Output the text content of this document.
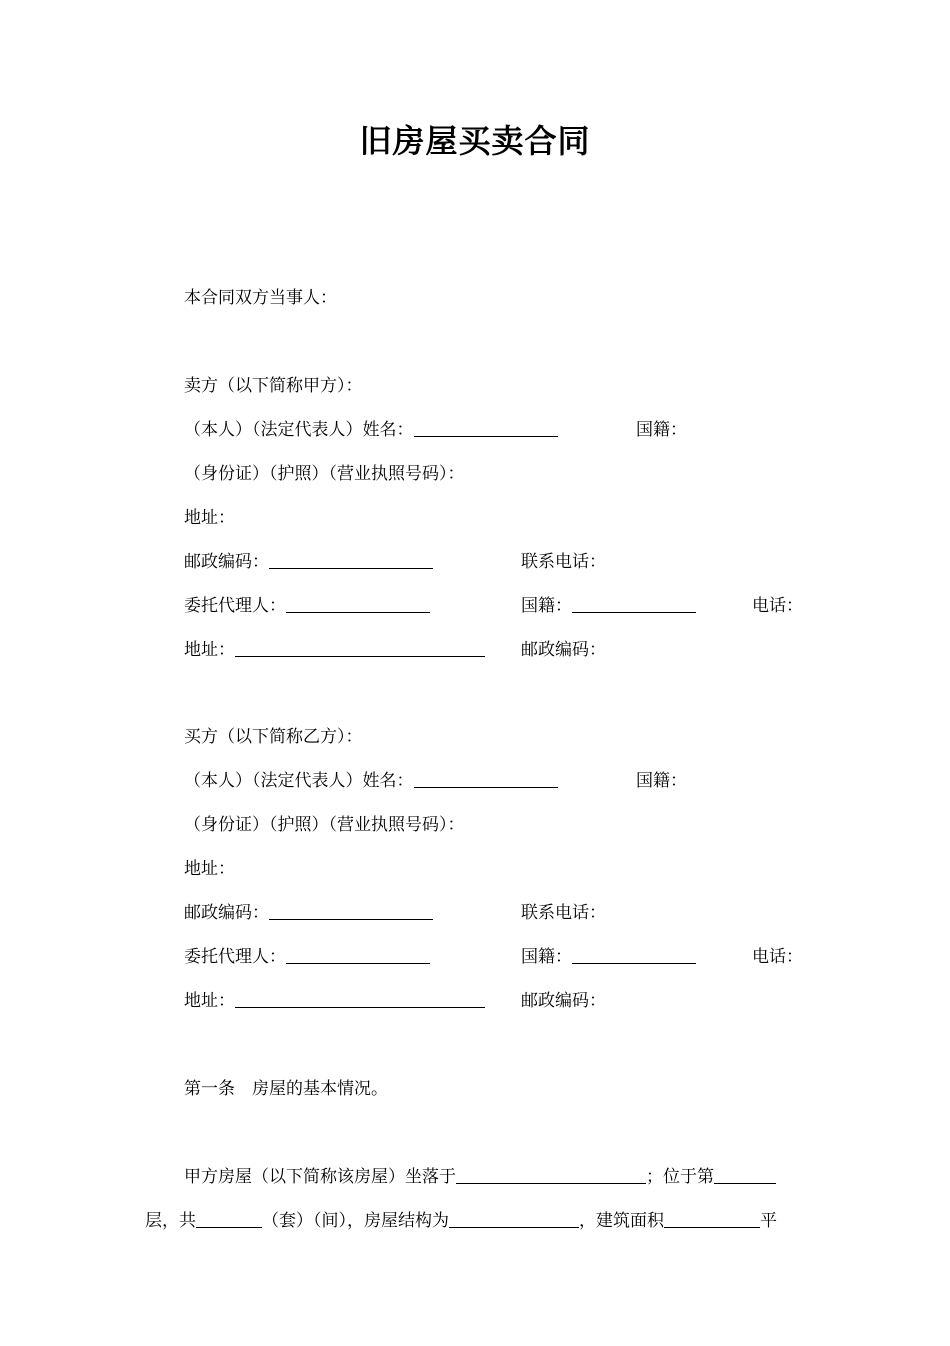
旧房屋买卖合同
本合同双方当事人：
卖方（以下简称甲方）：
（本人）（法定代表人）姓名：	国籍：
（身份证）（护照）（营业执照号码）：
地址：
邮政编码：	联系电话：
委托代理人：	国籍：	电话：
地址：	邮政编码：
买方（以下简称乙方）：
（本人）（法定代表人）姓名：	国籍：
（身份证）（护照）（营业执照号码）：
地址：
邮政编码：	联系电话：
委托代理人：	国籍：	电话：
地址：	邮政编码：
第一条　房屋的基本情况。
甲方房屋（以下简称该房屋）坐落于	；位于第
层，共	（套）（间），房屋结构为	，建筑面积	平
